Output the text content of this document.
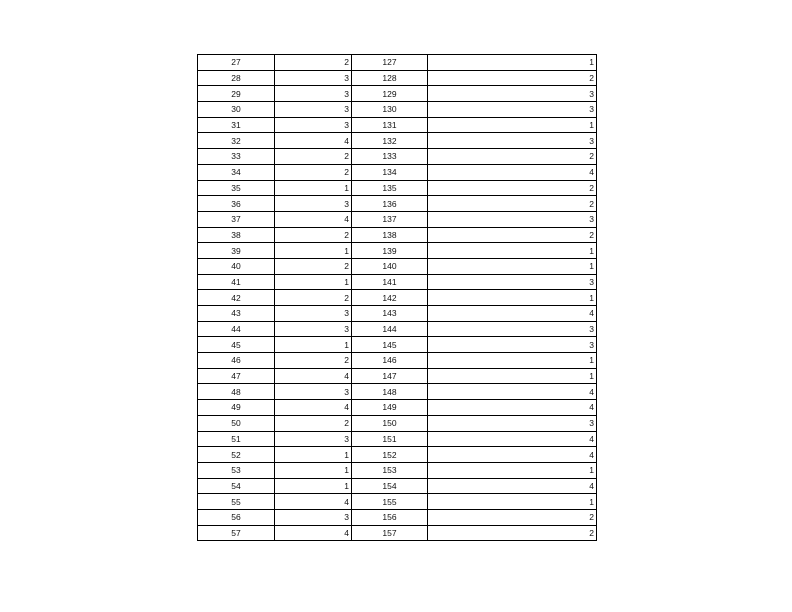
27	2	127	1
28	3	128	2
29	3	129	3
30	3	130	3
31	3	131	1
32	4	132	3
33	2	133	2
34	2	134	4
35	1	135	2
36	3	136	2
37	4	137	3
38	2	138	2
39	1	139	1
40	2	140	1
41	1	141	3
42	2	142	1
43	3	143	4
44	3	144	3
45	1	145	3
46	2	146	1
47	4	147	1
48	3	148	4
49	4	149	4
50	2	150	3
51	3	151	4
52	1	152	4
53	1	153	1
54	1	154	4
55	4	155	1
56	3	156	2
57	4	157	2
